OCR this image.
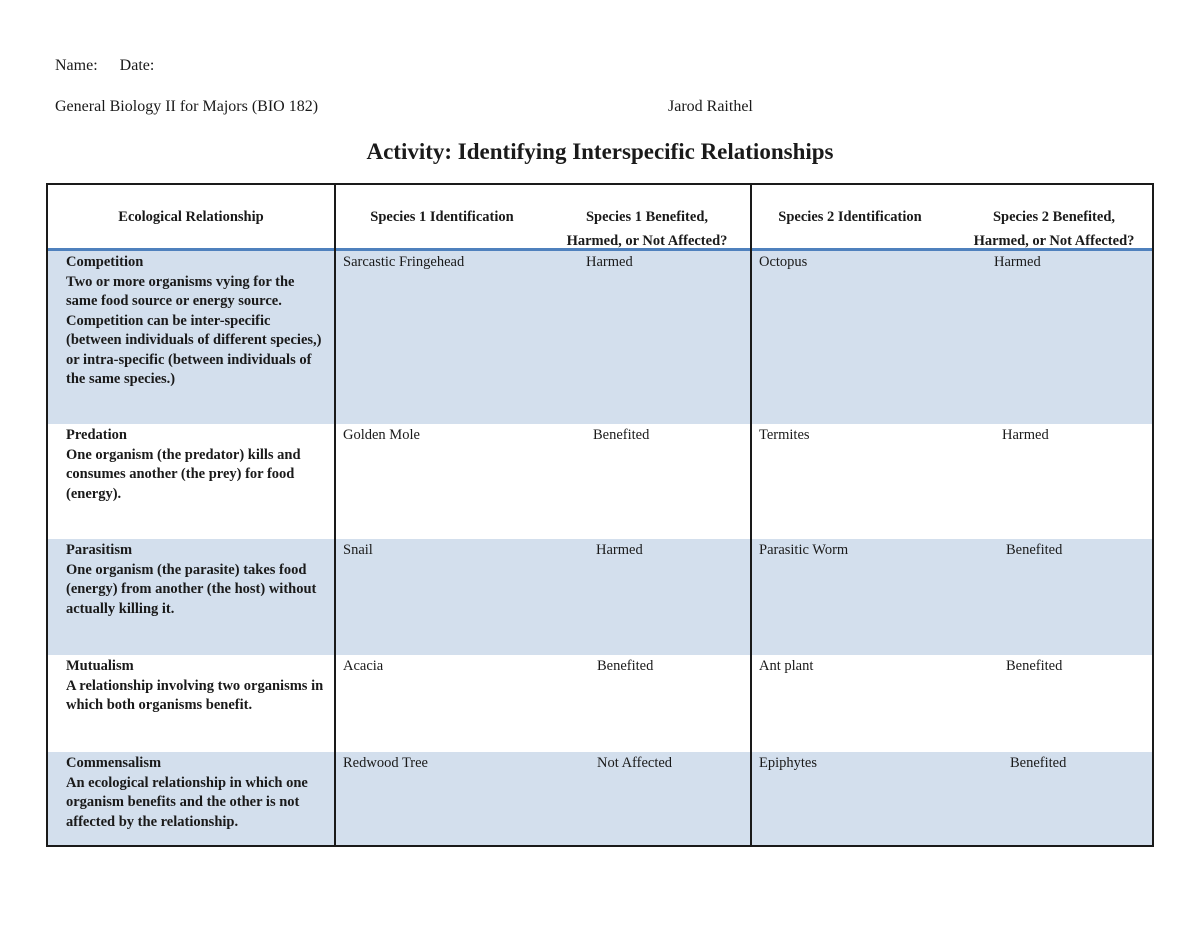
Name: Date:
General Biology II for Majors (BIO 182)	Jarod Raithel
Activity: Identifying Interspecific Relationships
Ecological Relationship	Species 1 Identification	Species 1 Benefited,
Harmed, or Not Affected?
Species 2 Identification	Species 2 Benefited,
Harmed, or Not Affected?
Competition
Two or more organisms vying for the same food source or energy source. Competition can be inter-specific (between individuals of different species,) or intra-specific (between individuals of the same species.)
Sarcastic Fringehead	Harmed	Octopus	Harmed
Predation
One organism (the predator) kills and consumes another (the prey) for food (energy).
Golden Mole	Benefited	Termites	Harmed
Parasitism
One organism (the parasite) takes food (energy) from another (the host) without actually killing it.
Snail	Harmed	Parasitic Worm	Benefited
Mutualism
A relationship involving two organisms in which both organisms benefit.
Acacia	Benefited	Ant plant	Benefited
Commensalism
An ecological relationship in which one organism benefits and the other is not affected by the relationship.
Redwood Tree	Not Affected	Epiphytes	Benefited
